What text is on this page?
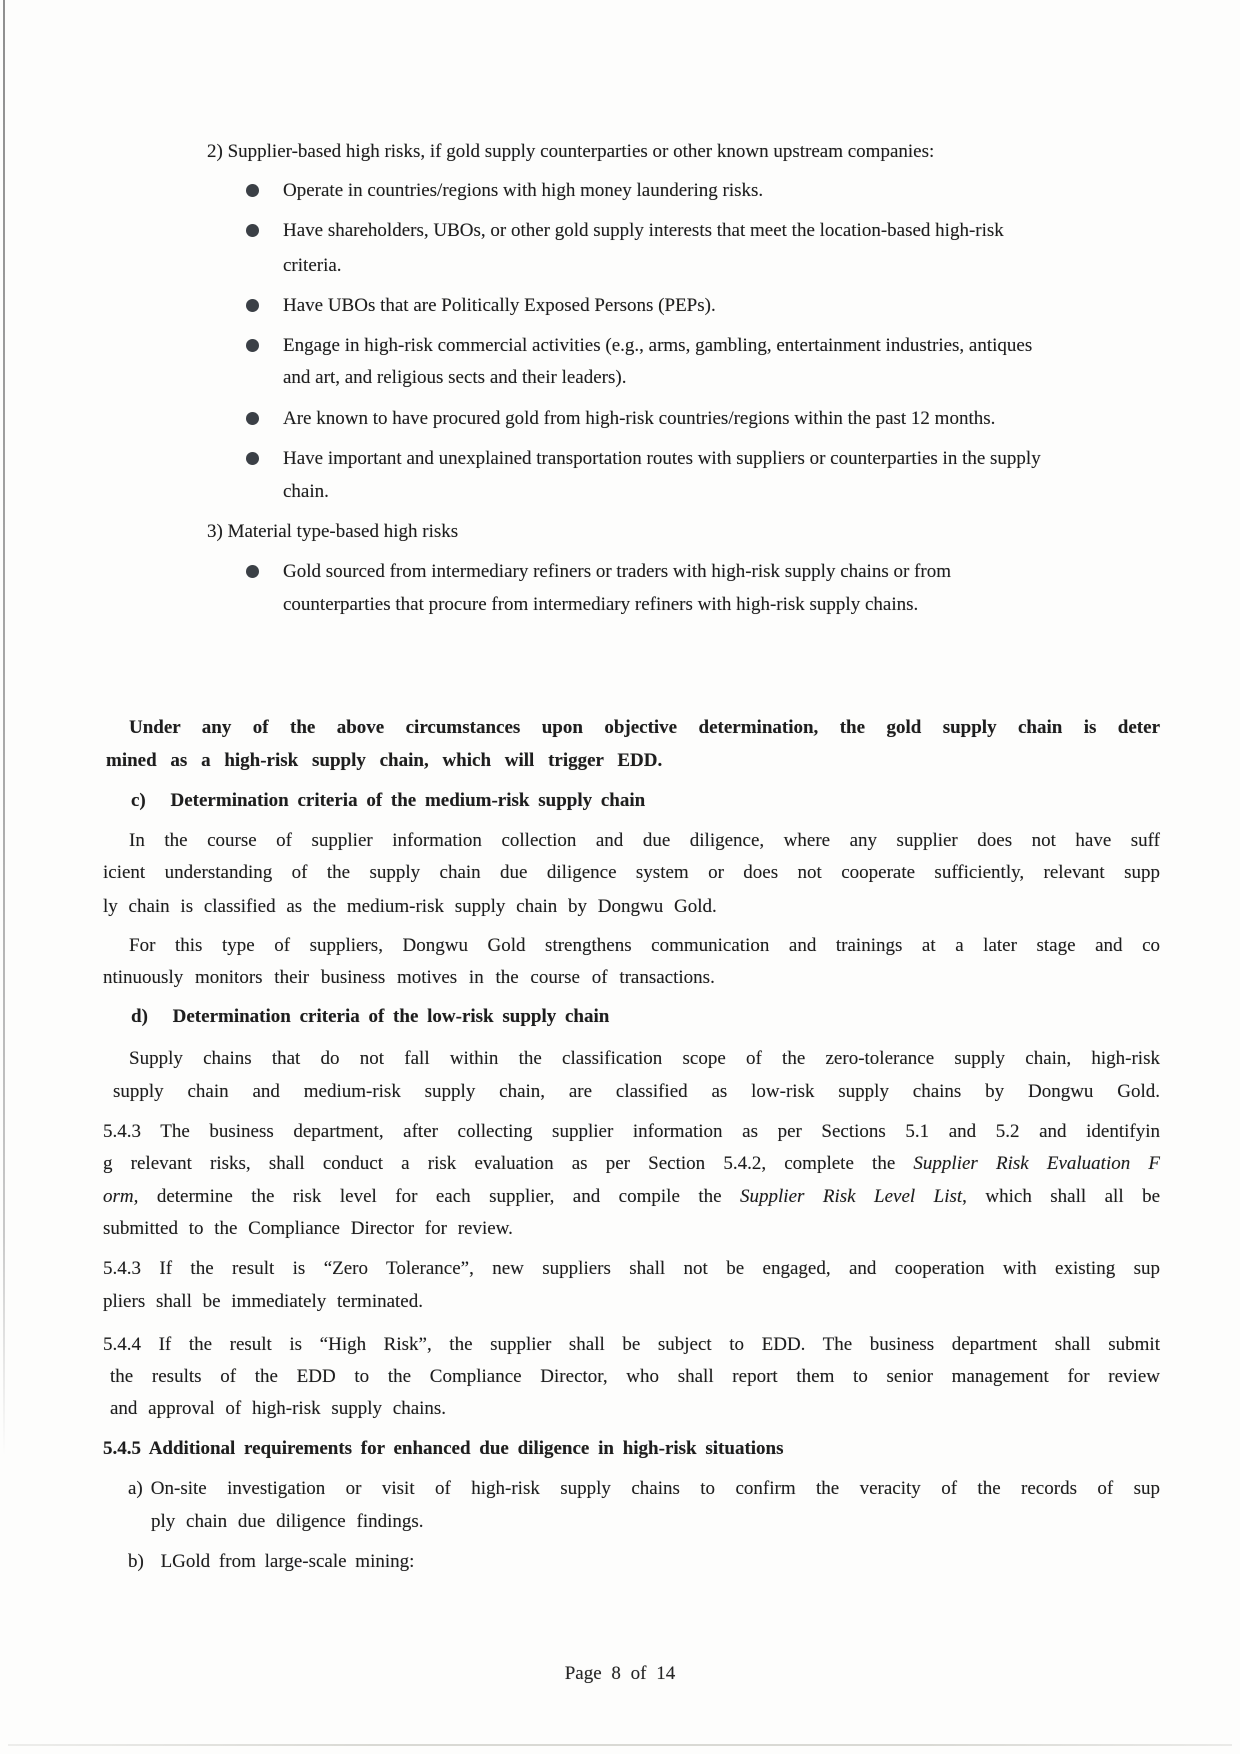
2) Supplier-based high risks, if gold supply counterparties or other known upstream companies:
Operate in countries/regions with high money laundering risks.
Have shareholders, UBOs, or other gold supply interests that meet the location-based high-risk
criteria.
Have UBOs that are Politically Exposed Persons (PEPs).
Engage in high-risk commercial activities (e.g., arms, gambling, entertainment industries, antiques
and art, and religious sects and their leaders).
Are known to have procured gold from high-risk countries/regions within the past 12 months.
Have important and unexplained transportation routes with suppliers or counterparties in the supply
chain.
3) Material type-based high risks
Gold sourced from intermediary refiners or traders with high-risk supply chains or from
counterparties that procure from intermediary refiners with high-risk supply chains.
Under any of the above circumstances upon objective determination, the gold supply chain is deter
mined as a high-risk supply chain, which will trigger EDD.
c) Determination criteria of the medium-risk supply chain
In the course of supplier information collection and due diligence, where any supplier does not have suff
icient understanding of the supply chain due diligence system or does not cooperate sufficiently, relevant supp
ly chain is classified as the medium-risk supply chain by Dongwu Gold.
For this type of suppliers, Dongwu Gold strengthens communication and trainings at a later stage and co
ntinuously monitors their business motives in the course of transactions.
d) Determination criteria of the low-risk supply chain
Supply chains that do not fall within the classification scope of the zero-tolerance supply chain, high-risk
supply chain and medium-risk supply chain, are classified as low-risk supply chains by Dongwu Gold.
5.4.3 The business department, after collecting supplier information as per Sections 5.1 and 5.2 and identifyin
g relevant risks, shall conduct a risk evaluation as per Section 5.4.2, complete the Supplier Risk Evaluation F
orm, determine the risk level for each supplier, and compile the Supplier Risk Level List, which shall all be
submitted to the Compliance Director for review.
5.4.3 If the result is “Zero Tolerance”, new suppliers shall not be engaged, and cooperation with existing sup
pliers shall be immediately terminated.
5.4.4 If the result is “High Risk”, the supplier shall be subject to EDD. The business department shall submit
the results of the EDD to the Compliance Director, who shall report them to senior management for review
and approval of high-risk supply chains.
5.4.5 Additional requirements for enhanced due diligence in high-risk situations
a) On-site investigation or visit of high-risk supply chains to confirm the veracity of the records of sup
ply chain due diligence findings.
b) LGold from large-scale mining:
Page 8 of 14
